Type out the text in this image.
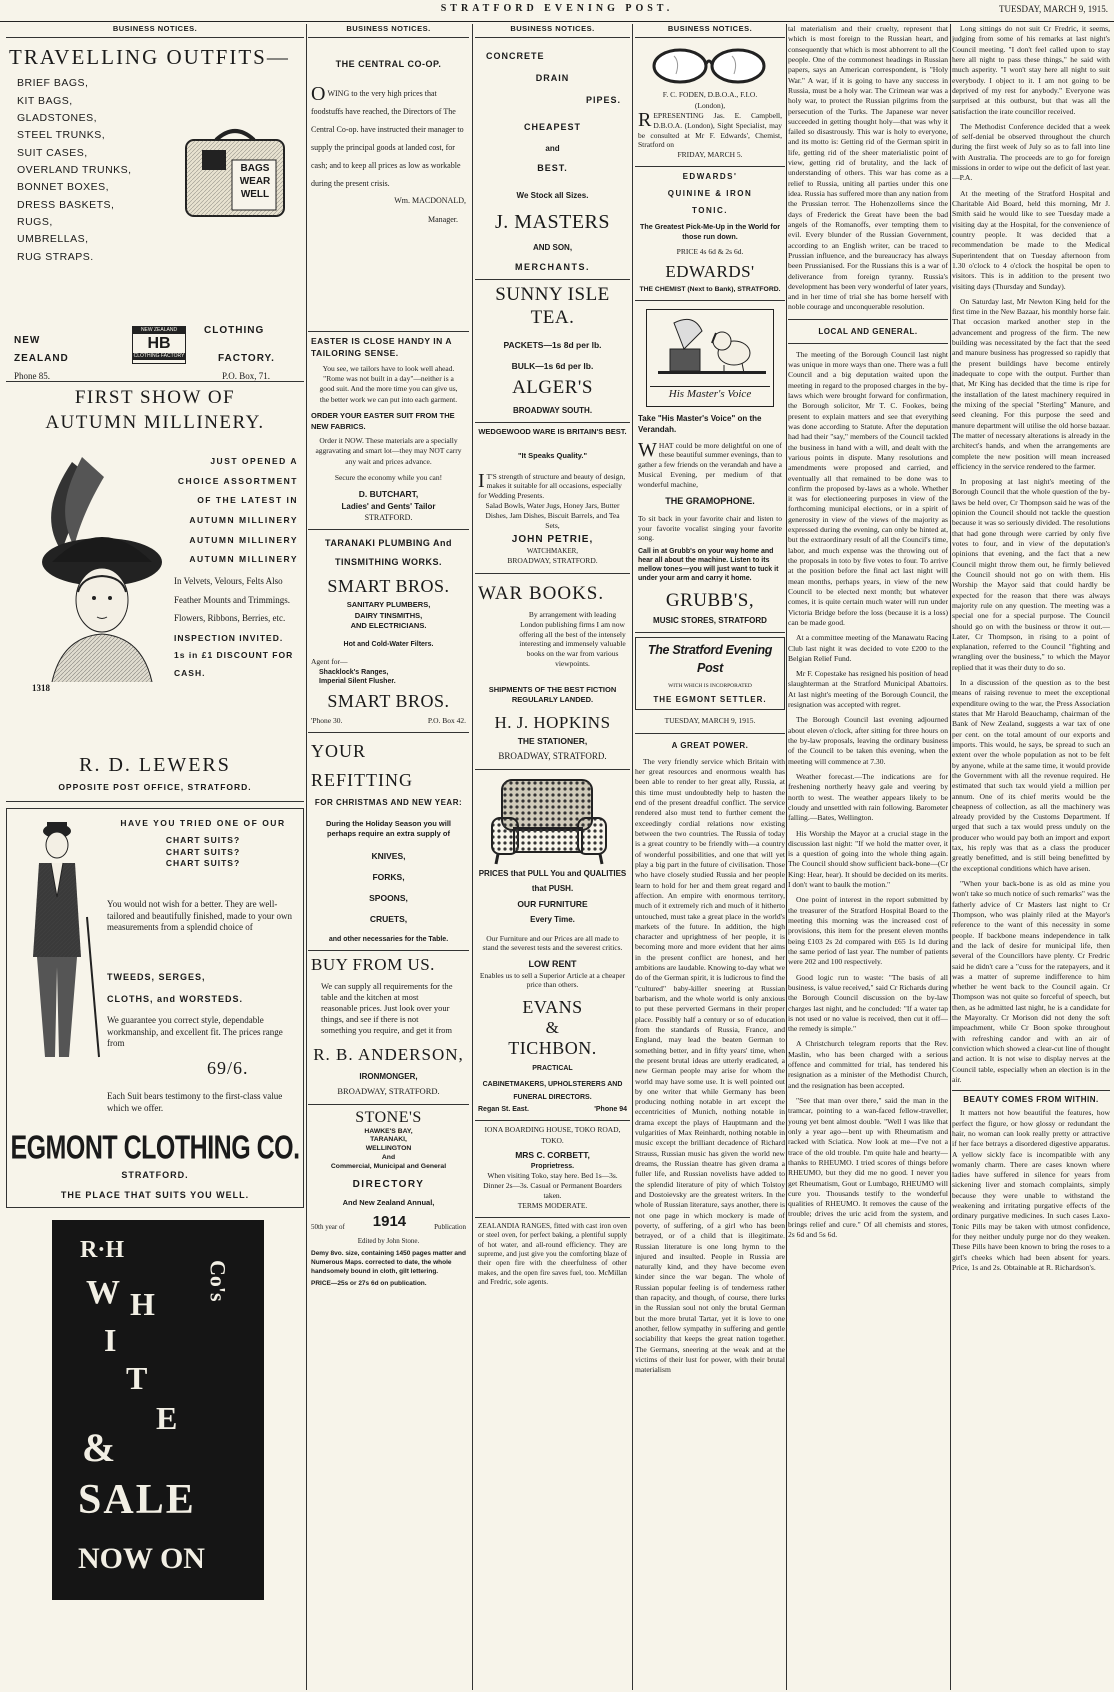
STRATFORD EVENING POST.	TUESDAY, MARCH 9, 1915.
BUSINESS NOTICES.
TRAVELLING OUTFITS—
BRIEF BAGS,
KIT BAGS,
GLADSTONES,
STEEL TRUNKS,
SUIT CASES,
OVERLAND TRUNKS,
BONNET BOXES,
DRESS BASKETS,
RUGS,
UMBRELLAS,
RUG STRAPS.
BAGS
WEAR
WELL
CLOTHING
NEW
ZEALAND
NEW ZEALAND
HB
CLOTHING FACTORY	FACTORY.
Phone 85.	P.O. Box, 71.
FIRST SHOW OF AUTUMN MILLINERY.
1318
JUST OPENED A
CHOICE ASSORTMENT
OF THE LATEST IN
AUTUMN MILLINERY
AUTUMN MILLINERY
AUTUMN MILLINERY
In Velvets, Velours, Felts Also Feather Mounts and Trimmings. Flowers, Ribbons, Berries, etc.
INSPECTION INVITED.
1s in £1 DISCOUNT FOR CASH.
R. D. LEWERS
OPPOSITE POST OFFICE, STRATFORD.
HAVE YOU TRIED ONE OF OUR
CHART SUITS?
CHART SUITS?
CHART SUITS?
You would not wish for a better. They are well-tailored and beautifully finished, made to your own measurements from a splendid choice of
TWEEDS, SERGES,
CLOTHS, and WORSTEDS.
We guarantee you correct style, dependable workmanship, and excellent fit. The prices range from
69/6.
Each Suit bears testimony to the first-class value which we offer.
EGMONT CLOTHING CO.
STRATFORD.
THE PLACE THAT SUITS YOU WELL.
R·H
W H
I
T
E
Co's
&
SALE
NOW ON
BUSINESS NOTICES.
THE CENTRAL CO-OP.
OWING to the very high prices that foodstuffs have reached, the Directors of The Central Co-op. have instructed their manager to supply the principal goods at landed cost, for cash; and to keep all prices as low as workable during the present crisis.
Wm. MACDONALD,
Manager.
EASTER IS CLOSE HANDY IN A TAILORING SENSE.
You see, we tailors have to look well ahead. "Rome was not built in a day"—neither is a good suit. And the more time you can give us, the better work we can put into each garment.
ORDER YOUR EASTER SUIT FROM THE NEW FABRICS.
Order it NOW. These materials are a specially aggravating and smart lot—they may NOT carry any wait and prices advance.
Secure the economy while you can!
D. BUTCHART,
Ladies' and Gents' Tailor
STRATFORD.
TARANAKI PLUMBING And TINSMITHING WORKS.
SMART BROS.
SANITARY PLUMBERS,
DAIRY TINSMITHS,
AND ELECTRICIANS.
Hot and Cold-Water Filters.
Agent for—
Shacklock's Ranges,
Imperial Silent Flusher.
SMART BROS.
'Phone 30.	P.O. Box 42.
YOUR REFITTING
FOR CHRISTMAS AND NEW YEAR:
During the Holiday Season you will perhaps require an extra supply of
KNIVES,
FORKS,
SPOONS,
CRUETS,
and other necessaries for the Table.
BUY FROM US.
We can supply all requirements for the table and the kitchen at most reasonable prices. Just look over your things, and see if there is not something you require, and get it from
R. B. ANDERSON,
IRONMONGER,
BROADWAY, STRATFORD.
STONE'S
HAWKE'S BAY,
TARANAKI,
WELLINGTON
And
Commercial, Municipal and General
DIRECTORY
And New Zealand Annual,
50th year of 1914	Publication
Edited by John Stone.
Demy 8vo. size, containing 1450 pages matter and Numerous Maps. corrected to date, the whole handsomely bound in cloth, gilt lettering.
PRICE—25s or 27s 6d on publication.
BUSINESS NOTICES.
CONCRETE
DRAIN
PIPES.
CHEAPEST
and
BEST.
We Stock all Sizes.
J. MASTERS
AND SON,
MERCHANTS.
SUNNY ISLE TEA.
PACKETS—1s 8d per lb.
BULK—1s 6d per lb.
ALGER'S
BROADWAY SOUTH.
WEDGEWOOD WARE IS BRITAIN'S BEST.
"It Speaks Quality."
IT'S strength of structure and beauty of design, makes it suitable for all occasions, especially for Wedding Presents.
Salad Bowls, Water Jugs, Honey Jars, Butter Dishes, Jam Dishes, Biscuit Barrels, and Tea Sets,
JOHN PETRIE,
WATCHMAKER,
BROADWAY, STRATFORD.
WAR BOOKS.
By arrangement with leading London publishing firms I am now offering all the best of the intensely interesting and immensely valuable books on the war from various viewpoints.
SHIPMENTS OF THE BEST FICTION REGULARLY LANDED.
H. J. HOPKINS
THE STATIONER,
BROADWAY, STRATFORD.
PRICES that PULL You and QUALITIES that PUSH.
OUR FURNITURE
Every Time.
Our Furniture and our Prices are all made to stand the severest tests and the severest critics.
LOW RENT
Enables us to sell a Superior Article at a cheaper price than others.
EVANS
&
TICHBON.
PRACTICAL
CABINETMAKERS, UPHOLSTERERS AND FUNERAL DIRECTORS.
Regan St. East.	'Phone 94
IONA BOARDING HOUSE, TOKO ROAD, TOKO.
MRS C. CORBETT,
Proprietress.
When visiting Toko, stay here. Bed 1s—3s. Dinner 2s—3s. Casual or Permanent Boarders taken.
TERMS MODERATE.
ZEALANDIA RANGES, fitted with cast iron oven or steel oven, for perfect baking, a plentiful supply of hot water, and all-round efficiency. They are supreme, and just give you the comforting blaze of their open fire with the cheerfulness of other makes, and the open fire saves fuel, too. McMillan and Fredric, sole agents.
BUSINESS NOTICES.
F. C. FODEN, D.B.O.A., F.I.O.
(London),
REPRESENTING Jas. E. Campbell, D.B.O.A. (London), Sight Specialist, may be consulted at Mr F. Edwards', Chemist, Stratford on
FRIDAY, MARCH 5.
EDWARDS'
QUININE & IRON
TONIC.
The Greatest Pick-Me-Up in the World for those run down.
PRICE 4s 6d & 2s 6d.
EDWARDS'
THE CHEMIST (Next to Bank), STRATFORD.
His Master's Voice
Take "His Master's Voice" on the Verandah.
WHAT could be more delightful on one of these beautiful summer evenings, than to gather a few friends on the verandah and have a Musical Evening, per medium of that wonderful machine,
THE GRAMOPHONE.
To sit back in your favorite chair and listen to your favorite vocalist singing your favorite song.
Call in at Grubb's on your way home and hear all about the machine. Listen to its mellow tones—you will just want to tuck it under your arm and carry it home.
GRUBB'S,
MUSIC STORES, STRATFORD
The Stratford Evening Post
WITH WHICH IS INCORPORATED
THE EGMONT SETTLER.
TUESDAY, MARCH 9, 1915.
A GREAT POWER.

The very friendly service which Britain with her great resources and enormous wealth has been able to render to her great ally, Russia, at this time must undoubtedly help to hasten the end of the present dreadful conflict. The service rendered also must tend to further cement the exceedingly cordial relations now existing between the two countries. The Russia of today is a great country to be friendly with—a country of wonderful possibilities, and one that will yet play a big part in the future of civilisation. Those who have closely studied Russia and her people learn to hold for her and them great regard and affection. An empire with enormous territory, much of it extremely rich and much of it hitherto untouched, must take a great place in the world's markets of the future. In addition, the high character and uprightness of her people, it is becoming more and more evident that her aims in the present conflict are honest, and her ambitions are laudable. Knowing to-day what we do of the German spirit, it is ludicrous to find the "cultured" baby-killer sneering at Russian barbarism, and the whole world is only anxious to put these perverted Germans in their proper place. Possibly half a century or so of education from the standards of Russia, France, and England, may lead the beaten German to something better, and in fifty years' time, when the present brutal ideas are utterly eradicated, a new German people may arise for whom the world may have some use. It is well pointed out by one writer that while Germany has been producing nothing notable in art except the eccentricities of Munich, nothing notable in drama except the plays of Hauptmann and the vulgarities of Max Reinhardt, nothing notable in music except the brilliant decadence of Richard Strauss, Russian music has given the world new dreams, the Russian theatre has given drama a fuller life, and Russian novelists have added to the splendid literature of pity of which Tolstoy and Dostoievsky are the greatest writers. In the whole of Russian literature, says another, there is not one page in which mockery is made of poverty, of suffering, of a girl who has been betrayed, or of a child that is illegitimate. Russian literature is one long hymn to the injured and insulted. People in Russia are naturally kind, and they have become even kinder since the war began. The whole of Russian popular feeling is of tenderness rather than rapacity, and though, of course, there lurks in the Russian soul not only the brutal German but the more brutal Tartar, yet it is love to one another, fellow sympathy in suffering and gentle sociability that keeps the great nation together. The Germans, sneering at the weak and at the victims of their lust for power, with their brutal materialism

tal materialism and their cruelty, represent that which is most foreign to the Russian heart, and consequently that which is most abhorrent to all the people. One of the commonest headings in Russian papers, says an American correspondent, is "Holy War." A war, if it is going to have any success in Russia, must be a holy war. The Crimean war was a holy war, to protect the Russian pilgrims from the persecution of the Turks. The Japanese war never succeeded in getting thought holy—that was why it failed so disastrously. This war is holy to everyone, and its motto is: Getting rid of the German spirit in life, getting rid of the sheer materialistic point of view, getting rid of brutality, and the lack of understanding of others. This war has come as a relief to Russia, uniting all parties under this one idea. Russia has suffered more than any nation from the Prussian terror. The Hohenzollerns since the days of Frederick the Great have been the bad angels of the Romanoffs, ever tempting them to evil. Every blunder of the Russian Government, according to an English writer, can be traced to Prussian influence, and the bureaucracy has always been Prussianised. For the Russians this is a war of deliverance from foreign tyranny. Russia's development has been very wonderful of later years, and in her time of trial she has borne herself with noble courage and unconquerable resolution.

LOCAL AND GENERAL.

The meeting of the Borough Council last night was unique in more ways than one. There was a full Council and a big deputation waited upon the meeting in regard to the proposed charges in the by-laws which were brought forward for confirmation, the Borough solicitor, Mr T. C. Fookes, being present to explain matters and see that everything was done according to Statute. After the deputation had had their "say," members of the Council tackled the business in hand with a will, and dealt with the various points in dispute. Many resolutions and amendments were proposed and carried, and eventually all that remained to be done was to confirm the proposed by-laws as a whole. Whether it was for electioneering purposes in view of the forthcoming municipal elections, or in a spirit of generosity in view of the views of the majority as expressed during the evening, can only be hinted at, but the extraordinary result of all the Council's time, labor, and much expense was the throwing out of the proposals in toto by five votes to four. To arrive at the position before the final act last night will mean months, perhaps years, in view of the new Council to be elected next month; but whatever comes, it is quite certain much water will run under Victoria Bridge before the loss (because it is a loss) can be made good.

At a committee meeting of the Manawatu Racing Club last night it was decided to vote £200 to the Belgian Relief Fund.

Mr F. Copestake has resigned his position of head slaughterman at the Stratford Municipal Abattoirs. At last night's meeting of the Borough Council, the resignation was accepted with regret.

The Borough Council last evening adjourned about eleven o'clock, after sitting for three hours on the by-law proposals, leaving the ordinary business of the Council to be taken this evening, when the meeting will commence at 7.30.

Weather forecast.—The indications are for freshening northerly heavy gale and veering by north to west. The weather appears likely to be cloudy and unsettled with rain following. Barometer falling.—Bates, Wellington.

His Worship the Mayor at a crucial stage in the discussion last night: "If we hold the matter over, it is a question of going into the whole thing again. The Council should show sufficient back-bone—(Cr King: Hear, hear). It should be decided on its merits. I don't want to baulk the motion."

One point of interest in the report submitted by the treasurer of the Stratford Hospital Board to the meeting this morning was the increased cost of provisions, this item for the present eleven months being £103 2s 2d compared with £65 1s 1d during the same period of last year. The number of patients were 202 and 100 respectively.

Good logic run to waste: "The basis of all business, is value received," said Cr Richards during the Borough Council discussion on the by-law charges last night, and he concluded: "If a water tap is not used or no value is received, then cut it off—the remedy is simple."

A Christchurch telegram reports that the Rev. Maslin, who has been charged with a serious offence and committed for trial, has tendered his resignation as a minister of the Methodist Church, and the resignation has been accepted.

"See that man over there," said the man in the tramcar, pointing to a wan-faced fellow-traveller, young yet bent almost double. "Well I was like that only a year ago—bent up with Rheumatism and racked with Sciatica. Now look at me—I've not a trace of the old trouble. I'm quite hale and hearty—thanks to RHEUMO. I tried scores of things before RHEUMO, but they did me no good. I never you get Rheumatism, Gout or Lumbago, RHEUMO will cure you. Thousands testify to the wonderful qualities of RHEUMO. It removes the cause of the trouble; drives the uric acid from the system, and brings relief and cure." Of all chemists and stores, 2s 6d and 5s 6d.

Long sittings do not suit Cr Fredric, it seems, judging from some of his remarks at last night's Council meeting. "I don't feel called upon to stay here all night to pass these things," he said with much asperity. "I won't stay here all night to suit everybody. I object to it. I am not going to be deprived of my rest for anybody." Everyone was surprised at this outburst, but that was all the satisfaction the irate councillor received.

The Methodist Conference decided that a week of self-denial be observed throughout the church during the first week of July so as to fall into line with Australia. The proceeds are to go for foreign missions in order to wipe out the deficit of last year.—P.A.

At the meeting of the Stratford Hospital and Charitable Aid Board, held this morning, Mr J. Smith said he would like to see Tuesday made a visiting day at the Hospital, for the convenience of country people. It was decided that a recommendation be made to the Medical Superintendent that on Tuesday afternoon from 1.30 o'clock to 4 o'clock the hospital be open to visitors. This is in addition to the present two visiting days (Thursday and Sunday).

On Saturday last, Mr Newton King held for the first time in the New Bazaar, his monthly horse fair. That occasion marked another step in the advancement and progress of the firm. The new building was necessitated by the fact that the seed and manure business has progressed so rapidly that the present buildings have become entirely inadequate to cope with the output. Further than that, Mr King has decided that the time is ripe for the installation of the latest machinery required in the mixing of the special "Sterling" Manure, and seed cleaning. For this purpose the seed and manure department will utilise the old horse bazaar. The matter of necessary alterations is already in the architect's hands, and when the arrangements are complete the new position will mean increased efficiency in the service rendered to the farmer.

In proposing at last night's meeting of the Borough Council that the whole question of the by-laws be held over, Cr Thompson said he was of the opinion the Council should not tackle the question because it was so seriously divided. The resolutions that had gone through were carried by only five votes to four, and in view of the deputation's opinions that evening, and the fact that a new Council might throw them out, he firmly believed the Council should not go on with them. His Worship the Mayor said that could hardly be expected for the reason that there was always majority rule on any question. The meeting was a special one for a special purpose. The Council should go on with the business or throw it out.—Later, Cr Thompson, in rising to a point of explanation, referred to the Council "fighting and wrangling over the business," to which the Mayor replied that it was their duty to do so.

In a discussion of the question as to the best means of raising revenue to meet the exceptional expenditure owing to the war, the Press Association states that Mr Harold Beauchamp, chairman of the Bank of New Zealand, suggests a war tax of one per cent. on the total amount of our exports and imports. This would, he says, be spread to such an extent over the whole population as not to be felt by anyone, while at the same time, it would provide the Government with all the revenue required. He estimated that such tax would yield a million per annum. One of its chief merits would be the cheapness of collection, as all the machinery was already provided by the Customs Department. If urged that such a tax would press unduly on the producer who would pay both an import and export tax, his reply was that as a class the producer greatly benefitted, and is still being benefitted by the exceptional conditions which have arisen.

"When your back-bone is as old as mine you won't take so much notice of such remarks" was the fatherly advice of Cr Masters last night to Cr Thompson, who was plainly riled at the Mayor's reference to the want of this necessity in some people. If backbone means independence in talk and the lack of desire for municipal life, then several of the Councillors have plenty. Cr Fredric said he didn't care a "cuss for the ratepayers, and it was a matter of supreme indifference to him whether he went back to the Council again. Cr Thompson was not quite so forceful of speech, but then, as he admitted last night, he is a candidate for the Mayoralty. Cr Morison did not deny the soft impeachment, while Cr Boon spoke throughout with refreshing candor and with an air of conviction which showed a clear-cut line of thought and action. It is not wise to display nerves at the Council table, especially when an election is in the air.

BEAUTY COMES FROM WITHIN.

It matters not how beautiful the features, how perfect the figure, or how glossy or redundant the hair, no woman can look really pretty or attractive if her face betrays a disordered digestive apparatus. A yellow sickly face is incompatible with any womanly charm. There are cases known where ladies have suffered in silence for years from sickening liver and stomach complaints, simply because they were unable to withstand the weakening and irritating purgative effects of the ordinary purgative medicines. In such cases Laxo-Tonic Pills may be taken with utmost confidence, for they neither unduly purge nor do they weaken. These Pills have been known to bring the roses to a girl's cheeks which had been absent for years. Price, 1s and 2s. Obtainable at R. Richardson's.
